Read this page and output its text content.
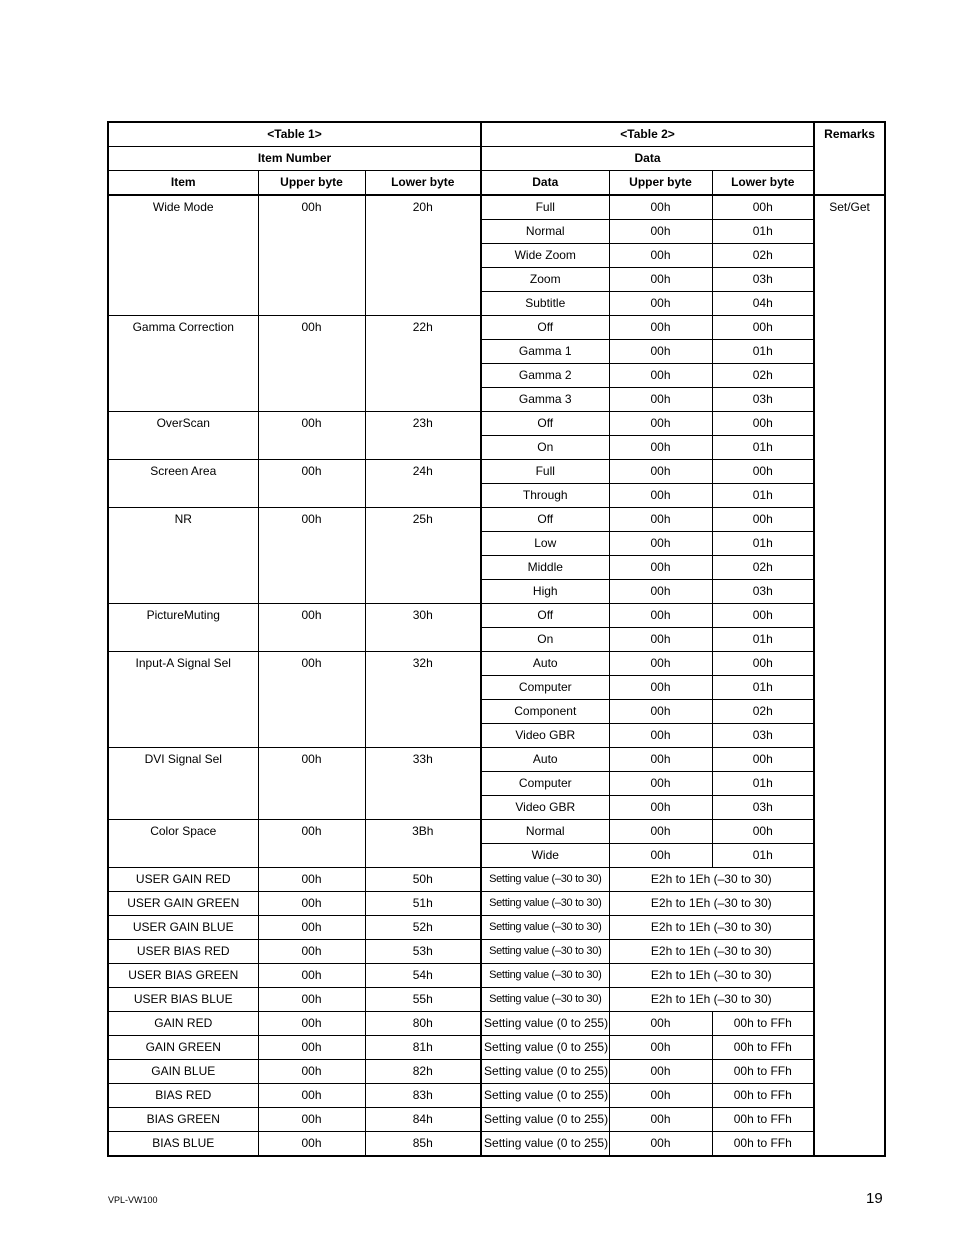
<Table 1>			<Table 2>			Remarks
Item Number			Data			
Item	Upper byte	Lower byte	Data	Upper byte	Lower byte	
Wide Mode	00h	20h	Full	00h	00h	Set/Get
			Normal	00h	01h	
			Wide Zoom	00h	02h	
			Zoom	00h	03h	
			Subtitle	00h	04h	
Gamma Correction	00h	22h	Off	00h	00h	
			Gamma 1	00h	01h	
			Gamma 2	00h	02h	
			Gamma 3	00h	03h	
OverScan	00h	23h	Off	00h	00h	
			On	00h	01h	
Screen Area	00h	24h	Full	00h	00h	
			Through	00h	01h	
NR	00h	25h	Off	00h	00h	
			Low	00h	01h	
			Middle	00h	02h	
			High	00h	03h	
PictureMuting	00h	30h	Off	00h	00h	
			On	00h	01h	
Input-A Signal Sel	00h	32h	Auto	00h	00h	
			Computer	00h	01h	
			Component	00h	02h	
			Video GBR	00h	03h	
DVI Signal Sel	00h	33h	Auto	00h	00h	
			Computer	00h	01h	
			Video GBR	00h	03h	
Color Space	00h	3Bh	Normal	00h	00h	
			Wide	00h	01h	
USER GAIN RED	00h	50h	Setting value (–30 to 30)	E2h to 1Eh (–30 to 30)		
USER GAIN GREEN	00h	51h	Setting value (–30 to 30)	E2h to 1Eh (–30 to 30)		
USER GAIN BLUE	00h	52h	Setting value (–30 to 30)	E2h to 1Eh (–30 to 30)		
USER BIAS RED	00h	53h	Setting value (–30 to 30)	E2h to 1Eh (–30 to 30)		
USER BIAS GREEN	00h	54h	Setting value (–30 to 30)	E2h to 1Eh (–30 to 30)		
USER BIAS BLUE	00h	55h	Setting value (–30 to 30)	E2h to 1Eh (–30 to 30)		
GAIN RED	00h	80h	Setting value (0 to 255)	00h	00h to FFh	
GAIN GREEN	00h	81h	Setting value (0 to 255)	00h	00h to FFh	
GAIN BLUE	00h	82h	Setting value (0 to 255)	00h	00h to FFh	
BIAS RED	00h	83h	Setting value (0 to 255)	00h	00h to FFh	
BIAS GREEN	00h	84h	Setting value (0 to 255)	00h	00h to FFh	
BIAS BLUE	00h	85h	Setting value (0 to 255)	00h	00h to FFh	
VPL-VW100	19
